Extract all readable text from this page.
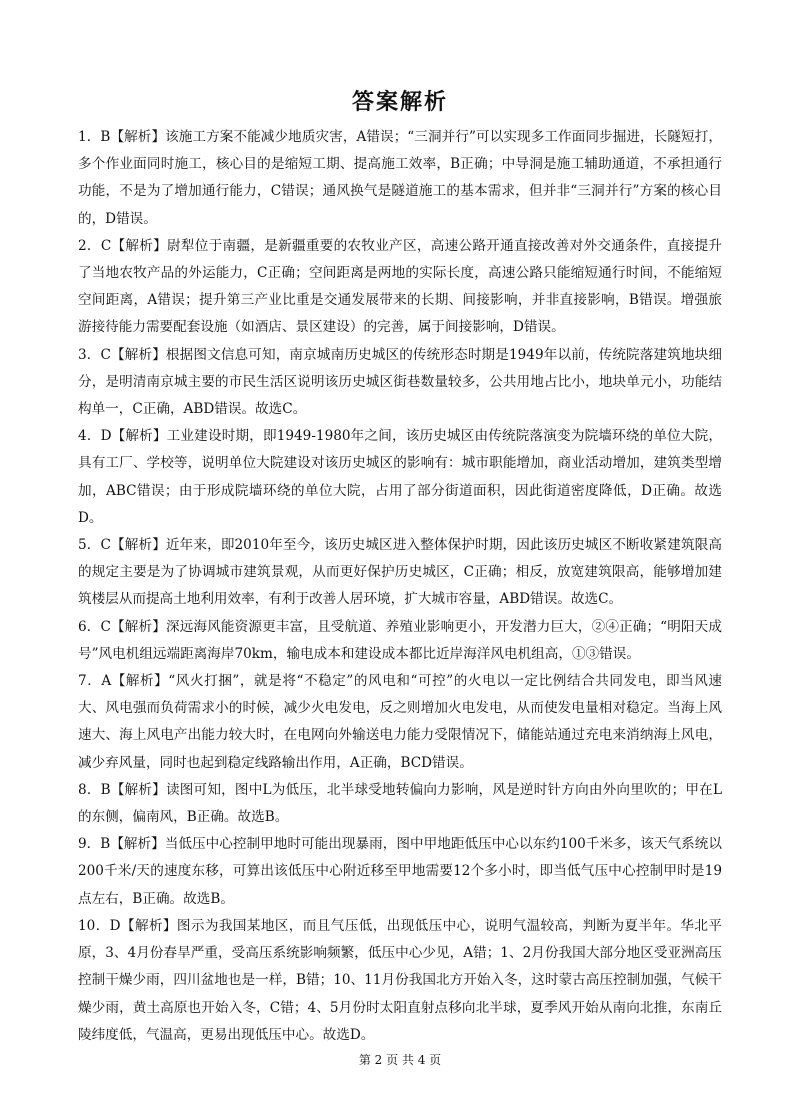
答案解析

1．B【解析】该施工方案不能减少地质灾害，A错误；“三洞并行”可以实现多工作面同步掘进，长隧短打，多个作业面同时施工，核心目的是缩短工期、提高施工效率，B正确；中导洞是施工辅助通道，不承担通行功能，不是为了增加通行能力，C错误；通风换气是隧道施工的基本需求，但并非“三洞并行”方案的核心目的，D错误。

2．C【解析】尉犁位于南疆，是新疆重要的农牧业产区，高速公路开通直接改善对外交通条件，直接提升了当地农牧产品的外运能力，C正确；空间距离是两地的实际长度，高速公路只能缩短通行时间，不能缩短空间距离，A错误；提升第三产业比重是交通发展带来的长期、间接影响，并非直接影响，B错误。增强旅游接待能力需要配套设施（如酒店、景区建设）的完善，属于间接影响，D错误。

3．C【解析】根据图文信息可知，南京城南历史城区的传统形态时期是1949年以前，传统院落建筑地块细分，是明清南京城主要的市民生活区说明该历史城区街巷数量较多，公共用地占比小，地块单元小，功能结构单一，C正确，ABD错误。故选C。

4．D【解析】工业建设时期，即1949-1980年之间，该历史城区由传统院落演变为院墙环绕的单位大院，具有工厂、学校等，说明单位大院建设对该历史城区的影响有：城市职能增加，商业活动增加，建筑类型增加，ABC错误；由于形成院墙环绕的单位大院，占用了部分街道面积，因此街道密度降低，D正确。故选D。

5．C【解析】近年来，即2010年至今，该历史城区进入整体保护时期，因此该历史城区不断收紧建筑限高的规定主要是为了协调城市建筑景观，从而更好保护历史城区，C正确；相反，放宽建筑限高，能够增加建筑楼层从而提高土地利用效率，有利于改善人居环境，扩大城市容量，ABD错误。故选C。

6．C【解析】深远海风能资源更丰富，且受航道、养殖业影响更小，开发潜力巨大，②④正确；“明阳天成号”风电机组远端距离海岸70km，输电成本和建设成本都比近岸海洋风电机组高，①③错误。

7．A【解析】“风火打捆”，就是将“不稳定”的风电和“可控”的火电以一定比例结合共同发电，即当风速大、风电强而负荷需求小的时候，减少火电发电，反之则增加火电发电，从而使发电量相对稳定。当海上风速大、海上风电产出能力较大时，在电网向外输送电力能力受限情况下，储能站通过充电来消纳海上风电，减少弃风量，同时也起到稳定线路输出作用，A正确，BCD错误。

8．B【解析】读图可知，图中L为低压，北半球受地转偏向力影响，风是逆时针方向由外向里吹的；甲在L的东侧，偏南风，B正确。故选B。

9．B【解析】当低压中心控制甲地时可能出现暴雨，图中甲地距低压中心以东约100千米多，该天气系统以200千米/天的速度东移，可算出该低压中心附近移至甲地需要12个多小时，即当低气压中心控制甲时是19点左右，B正确。故选B。

10．D【解析】图示为我国某地区，而且气压低，出现低压中心，说明气温较高，判断为夏半年。华北平原，3、4月份春旱严重，受高压系统影响频繁，低压中心少见，A错；1、2月份我国大部分地区受亚洲高压控制干燥少雨，四川盆地也是一样，B错；10、11月份我国北方开始入冬，这时蒙古高压控制加强，气候干燥少雨，黄土高原也开始入冬，C错；4、5月份时太阳直射点移向北半球，夏季风开始从南向北推，东南丘陵纬度低，气温高，更易出现低压中心。故选D。

第 2 页 共 4 页
